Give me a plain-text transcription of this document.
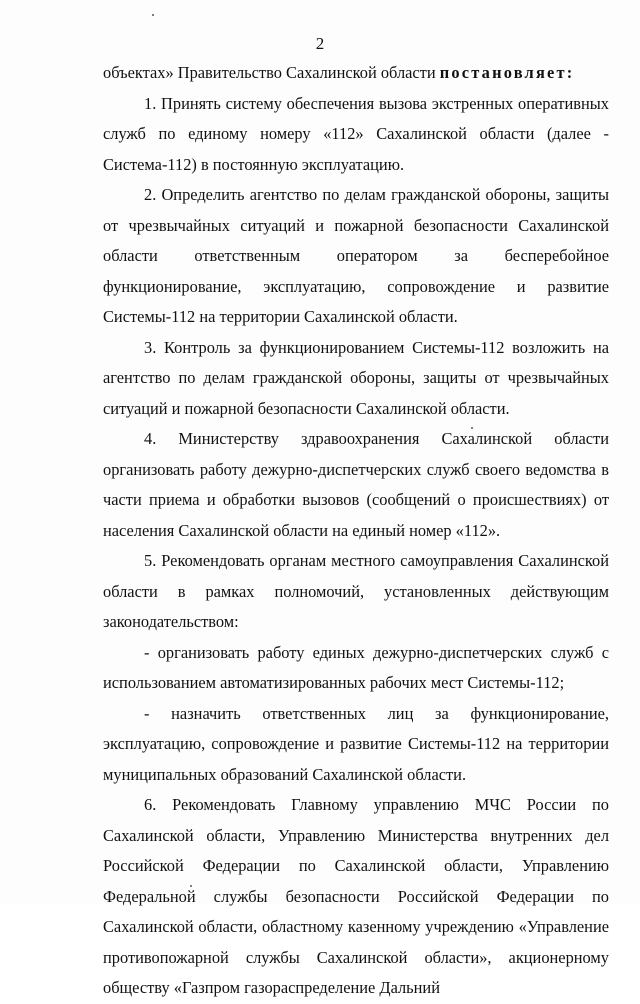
2

объектах» Правительство Сахалинской области постановляет:

1. Принять систему обеспечения вызова экстренных оперативных служб по единому номеру «112» Сахалинской области (далее - Система-112) в постоянную эксплуатацию.

2. Определить агентство по делам гражданской обороны, защиты от чрезвычайных ситуаций и пожарной безопасности Сахалинской области ответственным оператором за бесперебойное функционирование, эксплуатацию, сопровождение и развитие Системы-112 на территории Сахалинской области.

3. Контроль за функционированием Системы-112 возложить на агентство по делам гражданской обороны, защиты от чрезвычайных ситуаций и пожарной безопасности Сахалинской области.

4. Министерству здравоохранения Сахалинской области организовать работу дежурно-диспетчерских служб своего ведомства в части приема и обработки вызовов (сообщений о происшествиях) от населения Сахалинской области на единый номер «112».

5. Рекомендовать органам местного самоуправления Сахалинской области в рамках полномочий, установленных действующим законодательством:

- организовать работу единых дежурно-диспетчерских служб с использованием автоматизированных рабочих мест Системы-112;

- назначить ответственных лиц за функционирование, эксплуатацию, сопровождение и развитие Системы-112 на территории муниципальных образований Сахалинской области.

6. Рекомендовать Главному управлению МЧС России по Сахалинской области, Управлению Министерства внутренних дел Российской Федерации по Сахалинской области, Управлению Федеральной службы безопасности Российской Федерации по Сахалинской области, областному казенному учреждению «Управление противопожарной службы Сахалинской области», акционерному обществу «Газпром газораспределение Дальний
